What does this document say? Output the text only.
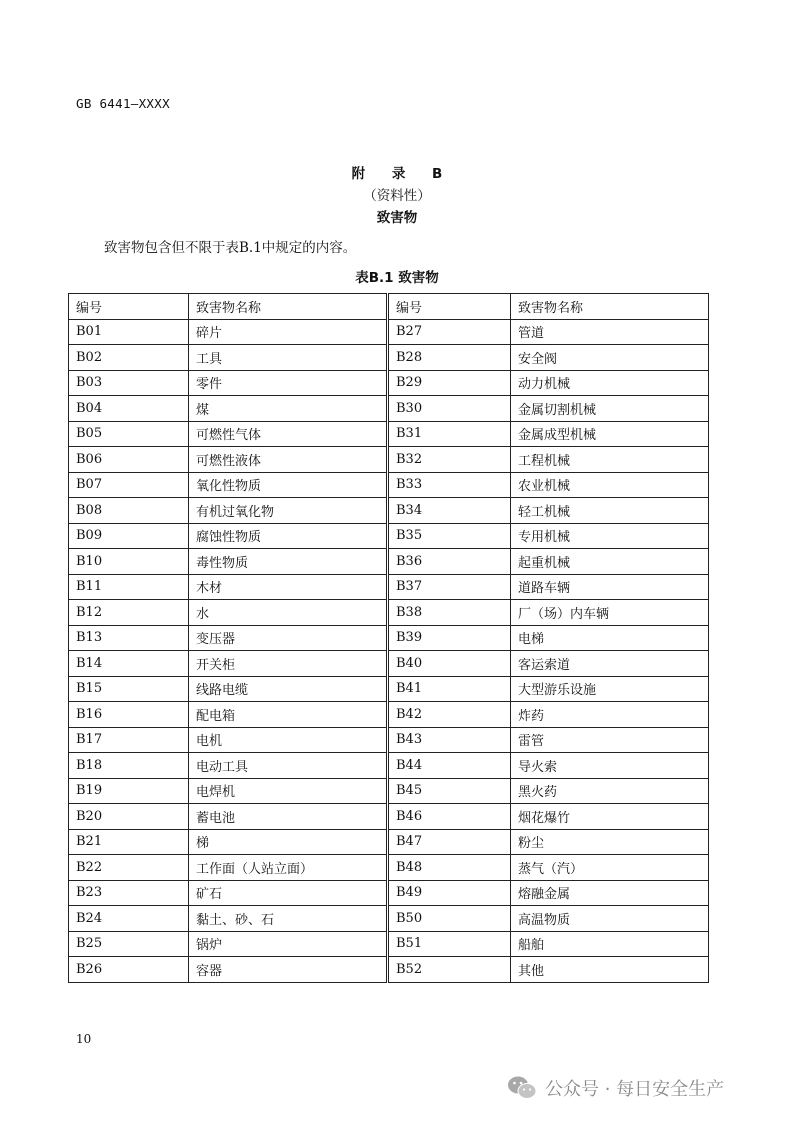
GB 6441—XXXX
附 录 B
（资料性）
致害物
致害物包含但不限于表B.1中规定的内容。
表B.1 致害物
编号	致害物名称	编号	致害物名称
B01	碎片	B27	管道
B02	工具	B28	安全阀
B03	零件	B29	动力机械
B04	煤	B30	金属切割机械
B05	可燃性气体	B31	金属成型机械
B06	可燃性液体	B32	工程机械
B07	氧化性物质	B33	农业机械
B08	有机过氧化物	B34	轻工机械
B09	腐蚀性物质	B35	专用机械
B10	毒性物质	B36	起重机械
B11	木材	B37	道路车辆
B12	水	B38	厂（场）内车辆
B13	变压器	B39	电梯
B14	开关柜	B40	客运索道
B15	线路电缆	B41	大型游乐设施
B16	配电箱	B42	炸药
B17	电机	B43	雷管
B18	电动工具	B44	导火索
B19	电焊机	B45	黑火药
B20	蓄电池	B46	烟花爆竹
B21	梯	B47	粉尘
B22	工作面（人站立面）	B48	蒸气（汽）
B23	矿石	B49	熔融金属
B24	黏土、砂、石	B50	高温物质
B25	锅炉	B51	船舶
B26	容器	B52	其他
10
公众号 · 每日安全生产
